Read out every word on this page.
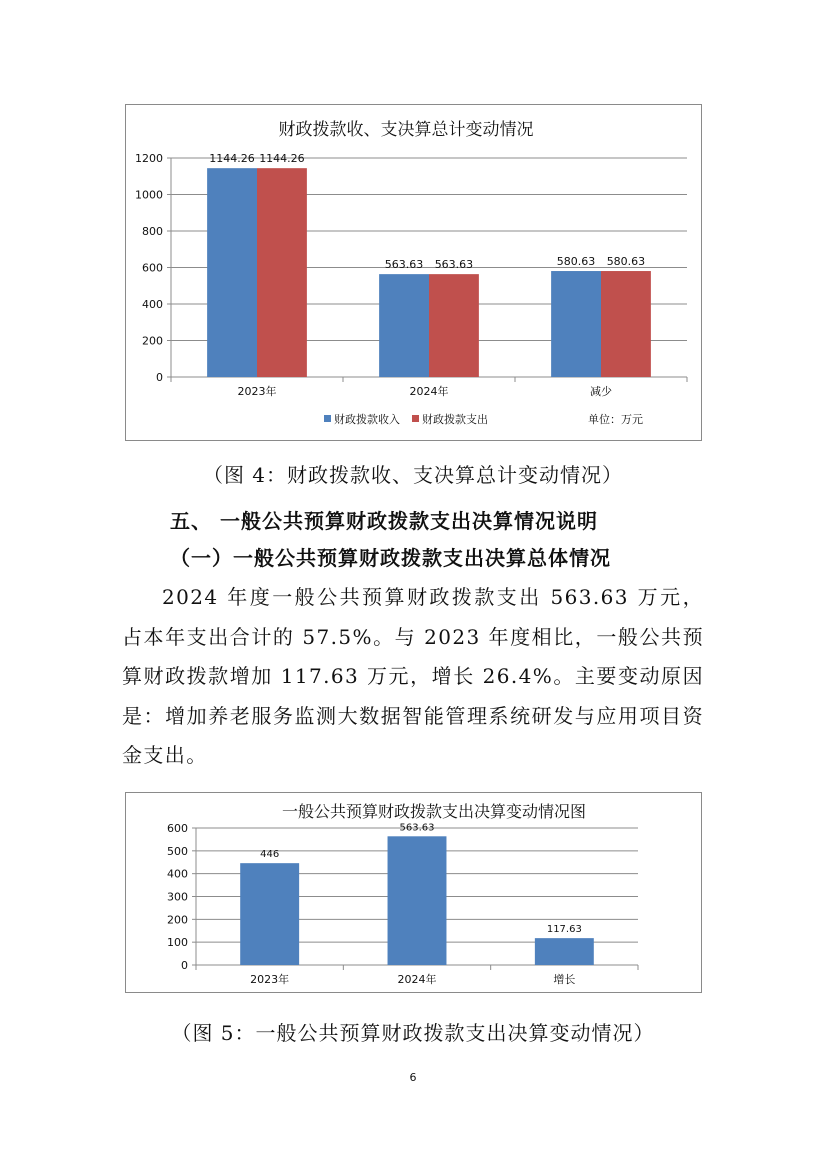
财政拨款收、支决算总计变动情况
0
200
400
600
800
1000
1200	1144.26 1144.26
2023年
563.63 563.63
2024年
580.63 580.63
减少
财政拨款收入 财政拨款支出	单位：万元
（图 4：财政拨款收、支决算总计变动情况）
五、 一般公共预算财政拨款支出决算情况说明
（一）一般公共预算财政拨款支出决算总体情况
2024 年度一般公共预算财政拨款支出 563.63 万元，占本年支出合计的 57.5%。与 2023 年度相比，一般公共预算财政拨款增加 117.63 万元，增长 26.4%。主要变动原因是：增加养老服务监测大数据智能管理系统研发与应用项目资金支出。
一般公共预算财政拨款支出决算变动情况图
0
100
200
300
400
500
600
446
2023年
563.63
2024年
117.63
增长
（图 5：一般公共预算财政拨款支出决算变动情况）
6
